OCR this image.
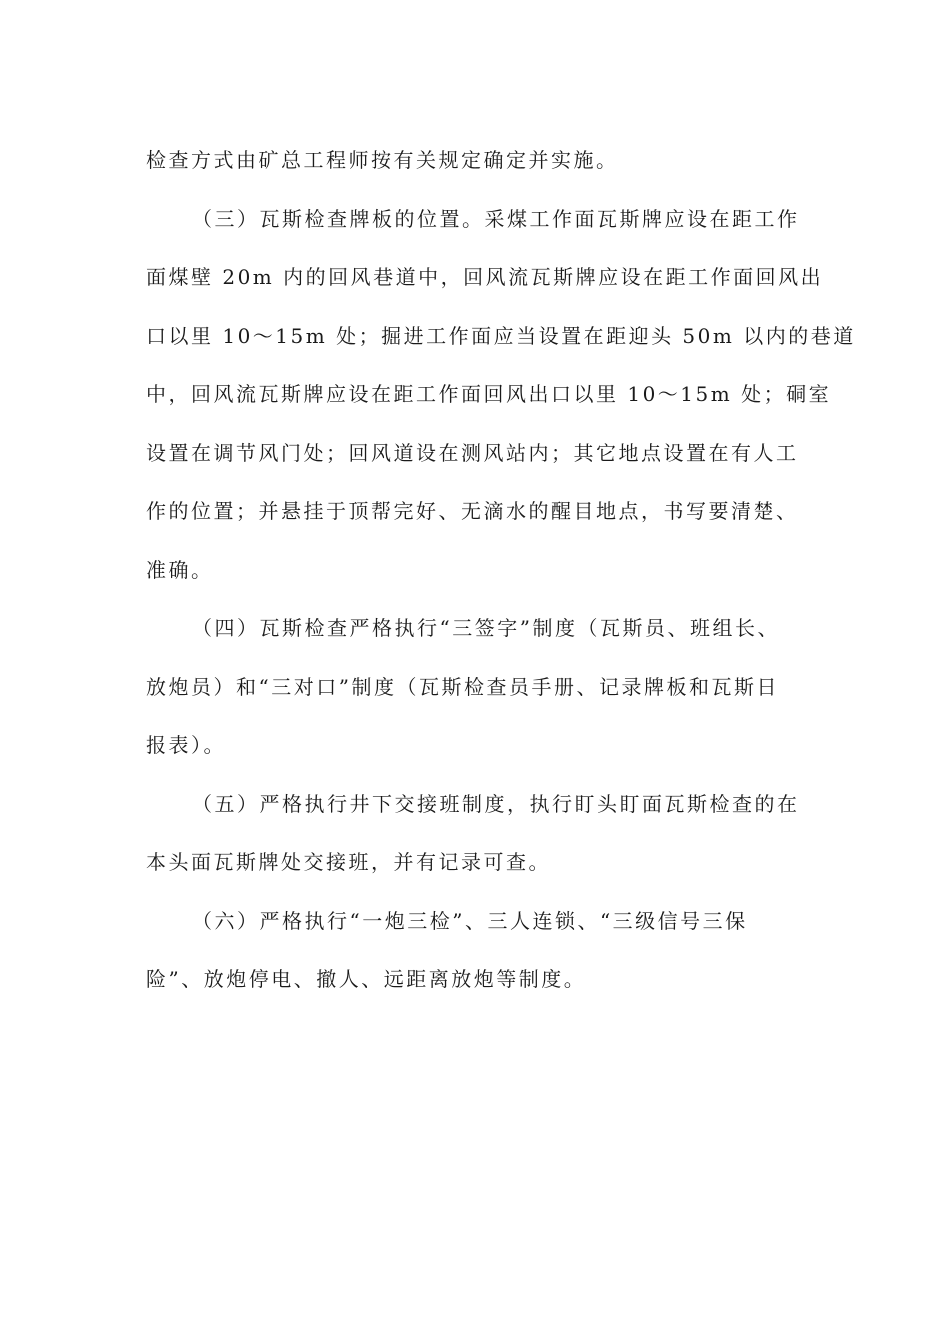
检查方式由矿总工程师按有关规定确定并实施。

（三）瓦斯检查牌板的位置。采煤工作面瓦斯牌应设在距工作
面煤壁 20m 内的回风巷道中，回风流瓦斯牌应设在距工作面回风出
口以里 10～15m 处；掘进工作面应当设置在距迎头 50m 以内的巷道
中，回风流瓦斯牌应设在距工作面回风出口以里 10～15m 处；硐室
设置在调节风门处；回风道设在测风站内；其它地点设置在有人工
作的位置；并悬挂于顶帮完好、无滴水的醒目地点，书写要清楚、
准确。

（四）瓦斯检查严格执行“三签字”制度（瓦斯员、班组长、
放炮员）和“三对口”制度（瓦斯检查员手册、记录牌板和瓦斯日
报表）。

（五）严格执行井下交接班制度，执行盯头盯面瓦斯检查的在
本头面瓦斯牌处交接班，并有记录可查。

（六）严格执行“一炮三检”、三人连锁、“三级信号三保
险”、放炮停电、撤人、远距离放炮等制度。
